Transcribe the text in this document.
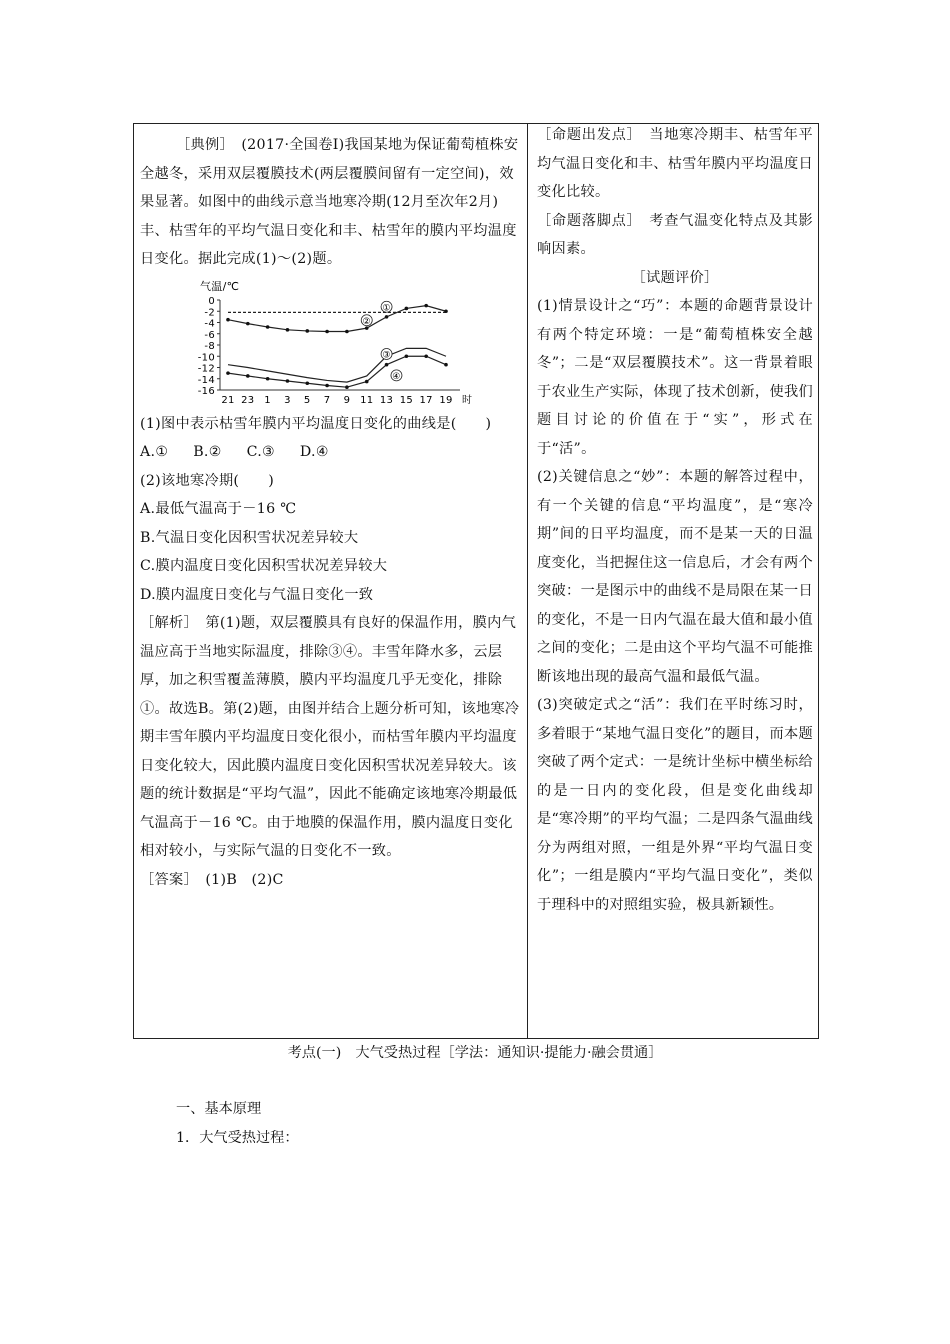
［典例］　(2017·全国卷Ⅰ)我国某地为保证葡萄植株安全越冬，采用双层覆膜技术(两层覆膜间留有一定空间)，效果显著。如图中的曲线示意当地寒冷期(12月至次年2月)丰、枯雪年的平均气温日变化和丰、枯雪年的膜内平均温度日变化。据此完成(1)～(2)题。

气温/℃
0
-2
-4
-6
-8
-10
-12
-14
-16
21 23 1 3 5 7 9 11 13 15 17 19 时
①
②
③
④

(1)图中表示枯雪年膜内平均温度日变化的曲线是(　　)

A.① B.② C.③ D.④

(2)该地寒冷期(　　)

A.最低气温高于－16 ℃

B.气温日变化因积雪状况差异较大

C.膜内温度日变化因积雪状况差异较大

D.膜内温度日变化与气温日变化一致

［解析］　第(1)题，双层覆膜具有良好的保温作用，膜内气温应高于当地实际温度，排除③④。丰雪年降水多，云层厚，加之积雪覆盖薄膜，膜内平均温度几乎无变化，排除①。故选B。第(2)题，由图并结合上题分析可知，该地寒冷期丰雪年膜内平均温度日变化很小，而枯雪年膜内平均温度日变化较大，因此膜内温度日变化因积雪状况差异较大。该题的统计数据是“平均气温”，因此不能确定该地寒冷期最低气温高于－16 ℃。由于地膜的保温作用，膜内温度日变化相对较小，与实际气温的日变化不一致。

［答案］　(1)B　(2)C

［命题出发点］　当地寒冷期丰、枯雪年平均气温日变化和丰、枯雪年膜内平均温度日变化比较。

［命题落脚点］　考查气温变化特点及其影响因素。

［试题评价］

(1)情景设计之“巧”：本题的命题背景设计有两个特定环境：一是“葡萄植株安全越冬”；二是“双层覆膜技术”。这一背景着眼于农业生产实际，体现了技术创新，使我们题目讨论的价值在于“实”，形式在于“活”。

(2)关键信息之“妙”：本题的解答过程中，有一个关键的信息“平均温度”，是“寒冷期”间的日平均温度，而不是某一天的日温度变化，当把握住这一信息后，才会有两个突破：一是图示中的曲线不是局限在某一日的变化，不是一日内气温在最大值和最小值之间的变化；二是由这个平均气温不可能推断该地出现的最高气温和最低气温。

(3)突破定式之“活”：我们在平时练习时，多着眼于“某地气温日变化”的题目，而本题突破了两个定式：一是统计坐标中横坐标给的是一日内的变化段，但是变化曲线却是“寒冷期”的平均气温；二是四条气温曲线分为两组对照，一组是外界“平均气温日变化”；一组是膜内“平均气温日变化”，类似于理科中的对照组实验，极具新颖性。

考点(一)　大气受热过程［学法：通知识·提能力·融会贯通］
一、基本原理
1．大气受热过程：
